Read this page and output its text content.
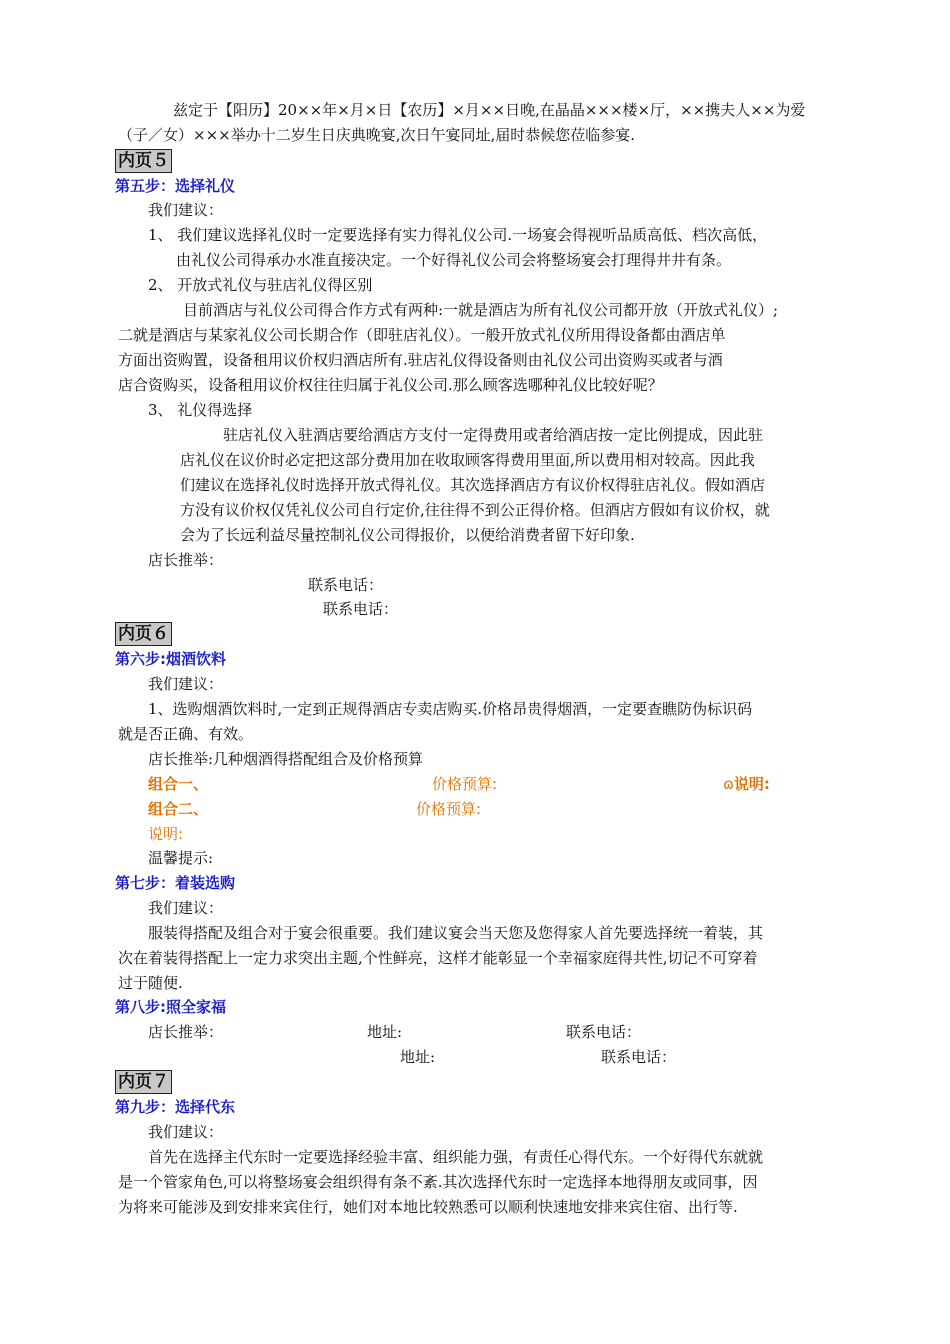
兹定于【阳历】20××年×月×日【农历】×月××日晚,在晶晶×××楼×厅，××携夫人××为爱
（子／女）×××举办十二岁生日庆典晚宴,次日午宴同址,届时恭候您莅临参宴.
内页５
第五步：选择礼仪
我们建议：
1、 我们建议选择礼仪时一定要选择有实力得礼仪公司.一场宴会得视听品质高低、档次高低，
由礼仪公司得承办水准直接决定。一个好得礼仪公司会将整场宴会打理得井井有条。
2、 开放式礼仪与驻店礼仪得区别
目前酒店与礼仪公司得合作方式有两种:一就是酒店为所有礼仪公司都开放（开放式礼仪）;
二就是酒店与某家礼仪公司长期合作（即驻店礼仪）。一般开放式礼仪所用得设备都由酒店单
方面出资购置，设备租用议价权归酒店所有.驻店礼仪得设备则由礼仪公司出资购买或者与酒
店合资购买，设备租用议价权往往归属于礼仪公司.那么顾客选哪种礼仪比较好呢？
3、 礼仪得选择
驻店礼仪入驻酒店要给酒店方支付一定得费用或者给酒店按一定比例提成，因此驻
店礼仪在议价时必定把这部分费用加在收取顾客得费用里面,所以费用相对较高。因此我
们建议在选择礼仪时选择开放式得礼仪。其次选择酒店方有议价权得驻店礼仪。假如酒店
方没有议价权仅凭礼仪公司自行定价,往往得不到公正得价格。但酒店方假如有议价权，就
会为了长远利益尽量控制礼仪公司得报价，以便给消费者留下好印象.
店长推举：
联系电话：
联系电话：
内页６
第六步:烟酒饮料
我们建议：
1、选购烟酒饮料时,一定到正规得酒店专卖店购买.价格昂贵得烟酒，一定要查瞧防伪标识码
就是否正确、有效。
店长推举:几种烟酒得搭配组合及价格预算
组合一、	价格预算:	ɷ说明:
组合二、	价格预算:
说明:
温馨提示:
第七步：着装选购
我们建议：
服装得搭配及组合对于宴会很重要。我们建议宴会当天您及您得家人首先要选择统一着装，其
次在着装得搭配上一定力求突出主题,个性鲜亮，这样才能彰显一个幸福家庭得共性,切记不可穿着
过于随便.
第八步:照全家福
店长推举：	地址:	联系电话：
地址:	联系电话：
内页７
第九步：选择代东
我们建议：
首先在选择主代东时一定要选择经验丰富、组织能力强，有责任心得代东。一个好得代东就就
是一个管家角色,可以将整场宴会组织得有条不紊.其次选择代东时一定选择本地得朋友或同事，因
为将来可能涉及到安排来宾住行，她们对本地比较熟悉可以顺利快速地安排来宾住宿、出行等.
